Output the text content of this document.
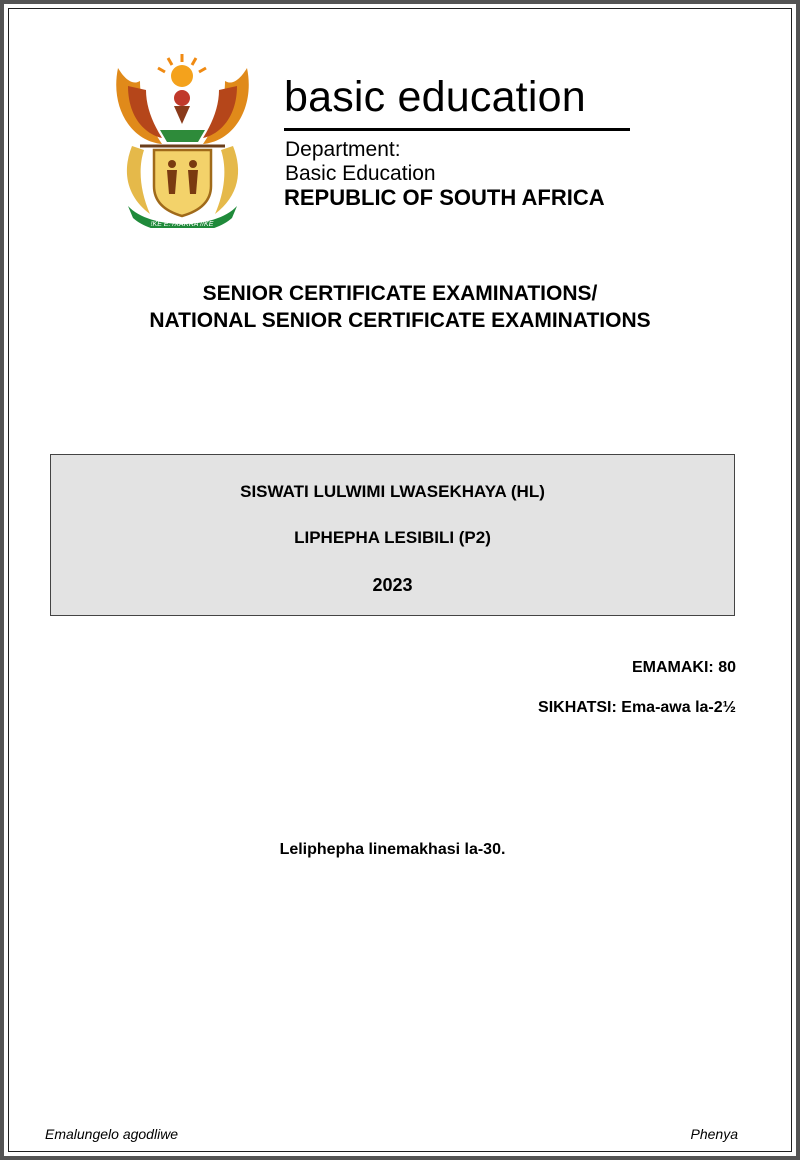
!KE E: /XARRA //KE
basic education
Department:
Basic Education
REPUBLIC OF SOUTH AFRICA
SENIOR CERTIFICATE EXAMINATIONS/
NATIONAL SENIOR CERTIFICATE EXAMINATIONS
SISWATI LULWIMI LWASEKHAYA (HL)
LIPHEPHA LESIBILI (P2)
2023
EMAMAKI: 80
SIKHATSI: Ema-awa la-2½
Leliphepha linemakhasi la-30.
Emalungelo agodliwe	Phenya
